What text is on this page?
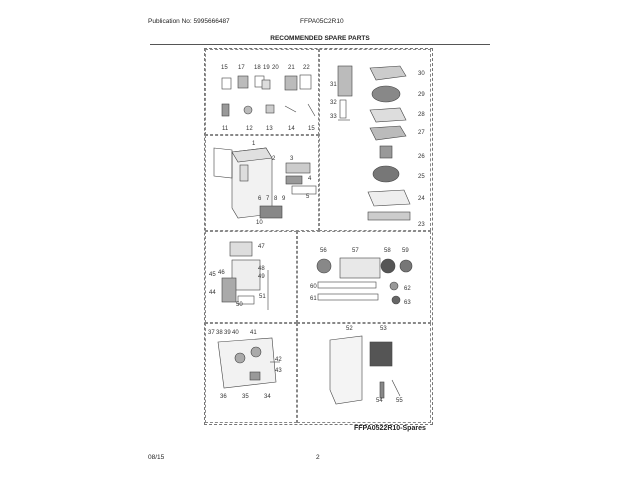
Publication No: 5995666487	FFPA05C2R10
RECOMMENDED SPARE PARTS
15 17 18 19 20 21 22
11	12 13	14 15
1
2 3
4
5
6 7 8 9
10
30
29
28
27
26
25
24
23
31
32
33
47
48
49
45 46
44
51
50
56	57	58 59
60	62
61
63
37 38 39 40 41
42
43
36	35	34
52	53
54 55
FFPA0522R10-Spares
08/15	2
